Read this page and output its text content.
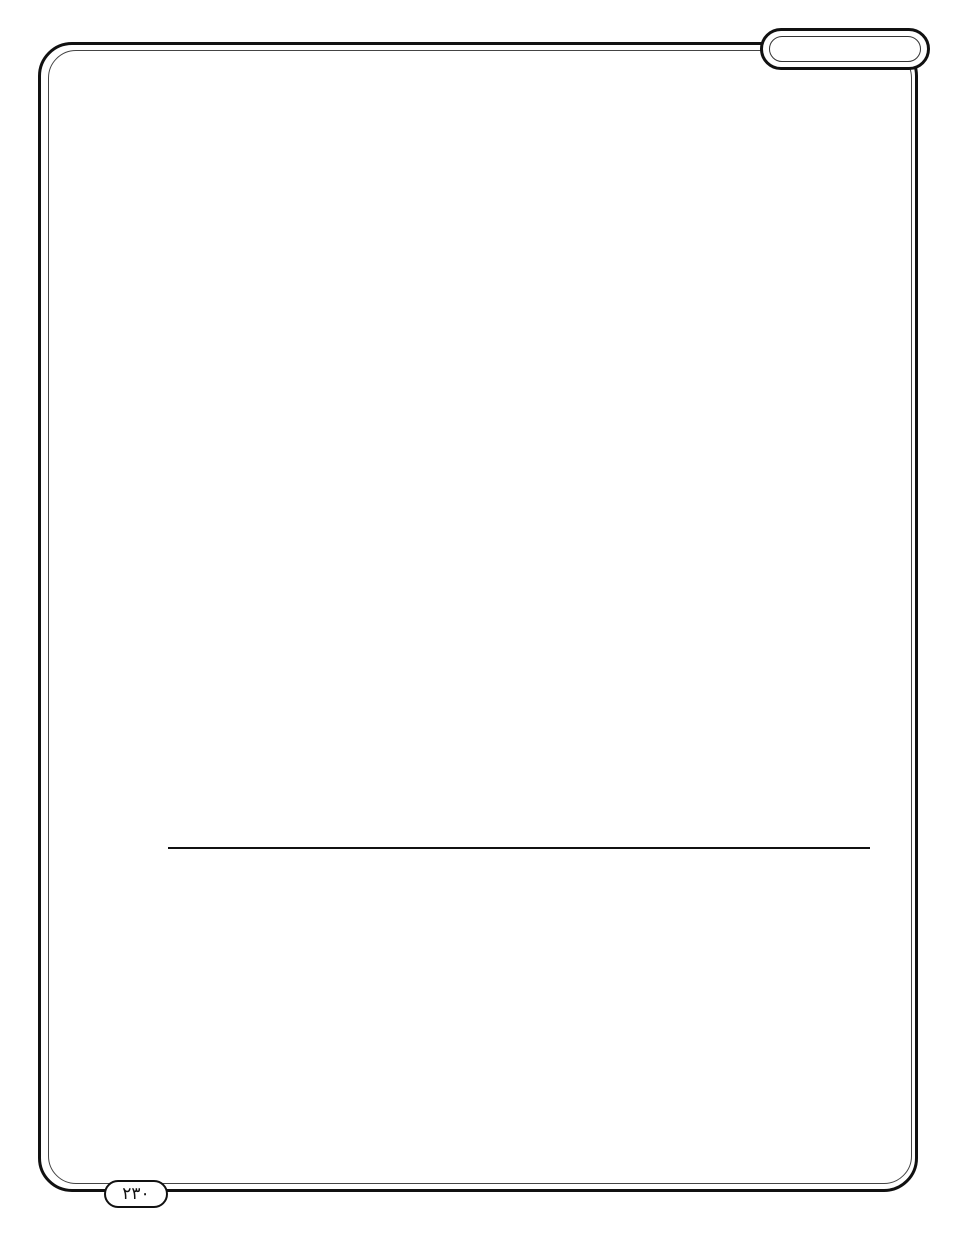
۲۳۰
